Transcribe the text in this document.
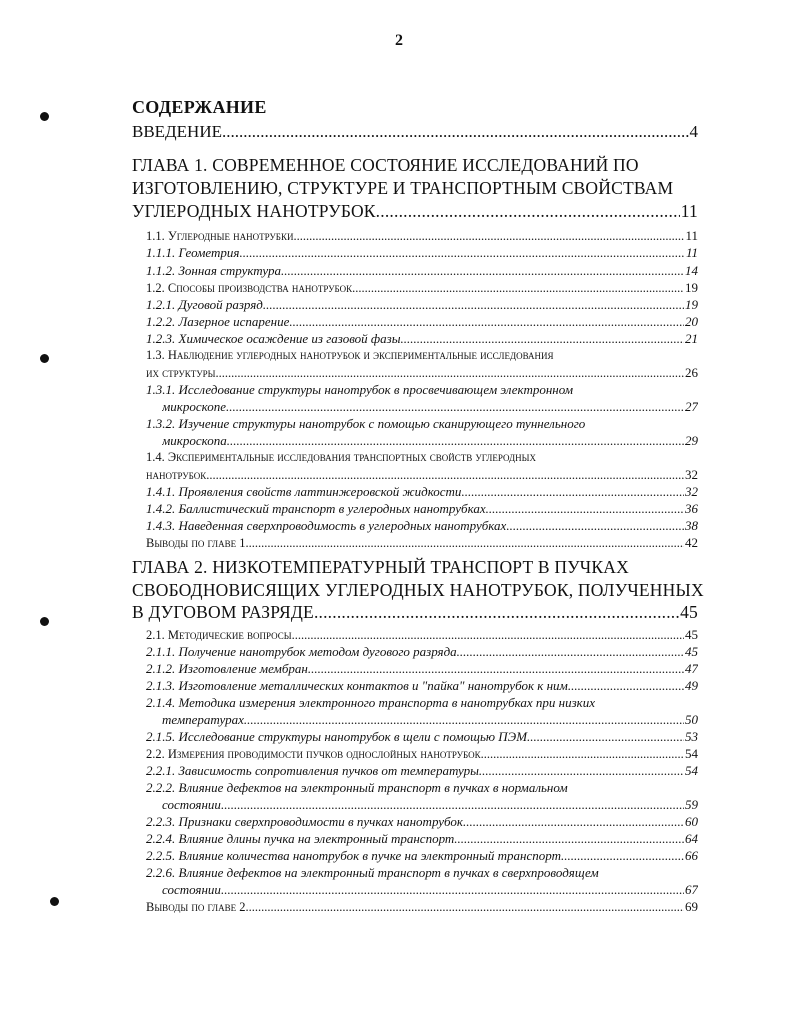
2
СОДЕРЖАНИЕ
ВВЕДЕНИЕ .....	4
ГЛАВА 1. СОВРЕМЕННОЕ СОСТОЯНИЕ ИССЛЕДОВАНИЙ ПО
ИЗГОТОВЛЕНИЮ, СТРУКТУРЕ И ТРАНСПОРТНЫМ СВОЙСТВАМ
УГЛЕРОДНЫХ НАНОТРУБОК. .....	11
1.1. Углеродные нанотрубки .....	11
1.1.1. Геометрия .....	11
1.1.2. Зонная структура .....	14
1.2. Способы производства нанотрубок .....	19
1.2.1. Дуговой разряд .....	19
1.2.2. Лазерное испарение .....	20
1.2.3. Химическое осаждение из газовой фазы .....	21
1.3. Наблюдение углеродных нанотрубок и экспериментальные исследования
их структуры .....	26
1.3.1. Исследование структуры нанотрубок в просвечивающем электронном
микроскопе .....	27
1.3.2. Изучение структуры нанотрубок с помощью сканирующего туннельного
микроскопа .....	29
1.4. Экспериментальные исследования транспортных свойств углеродных
нанотрубок .....	32
1.4.1. Проявления свойств латтинжеровской жидкости .....	32
1.4.2. Баллистический транспорт в углеродных нанотрубках .....	36
1.4.3. Наведенная сверхпроводимость в углеродных нанотрубках .....	38
Выводы по главе 1 .....	42
ГЛАВА 2. НИЗКОТЕМПЕРАТУРНЫЙ ТРАНСПОРТ В ПУЧКАХ
СВОБОДНОВИСЯЩИХ УГЛЕРОДНЫХ НАНОТРУБОК, ПОЛУЧЕННЫХ
В ДУГОВОМ РАЗРЯДЕ .....	45
2.1. Методические вопросы .....	45
2.1.1. Получение нанотрубок методом дугового разряда .....	45
2.1.2. Изготовление мембран .....	47
2.1.3. Изготовление металлических контактов и "пайка" нанотрубок к ним .....	49
2.1.4. Методика измерения электронного транспорта в нанотрубках при низких
температурах .....	50
2.1.5. Исследование структуры нанотрубок в щели с помощью ПЭМ .....	53
2.2. Измерения проводимости пучков однослойных нанотрубок .....	54
2.2.1. Зависимость сопротивления пучков от температуры .....	54
2.2.2. Влияние дефектов на электронный транспорт в пучках в нормальном
состоянии .....	59
2.2.3. Признаки сверхпроводимости в пучках нанотрубок .....	60
2.2.4. Влияние длины пучка на электронный транспорт .....	64
2.2.5. Влияние количества нанотрубок в пучке на электронный транспорт .....	66
2.2.6. Влияние дефектов на электронный транспорт в пучках в сверхпроводящем
состоянии .....	67
Выводы по главе 2 .....	69
